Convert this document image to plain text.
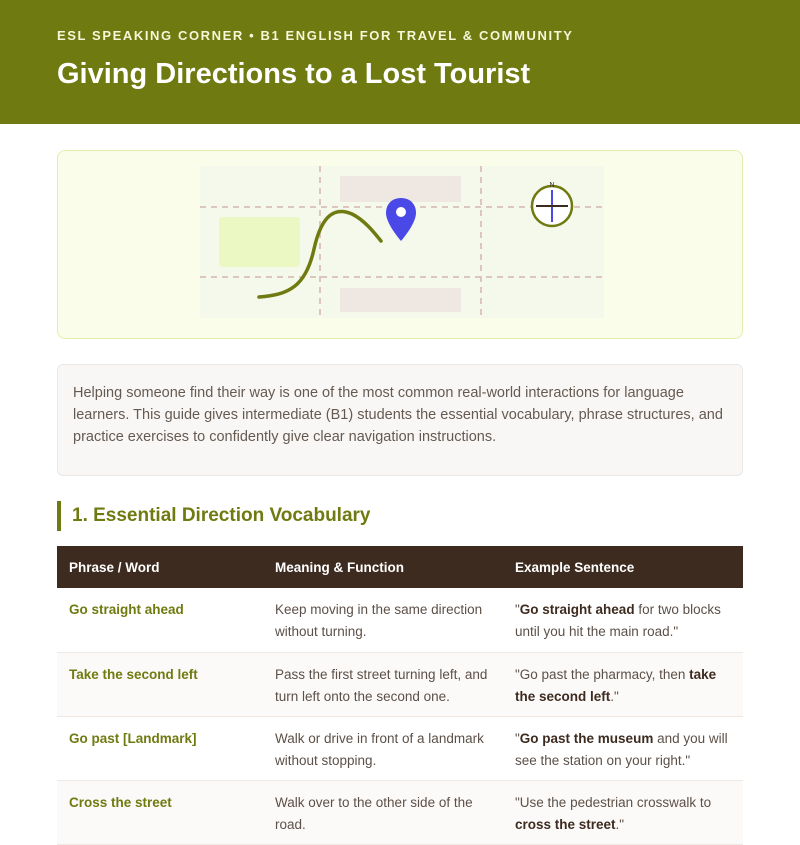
ESL SPEAKING CORNER • B1 ENGLISH FOR TRAVEL & COMMUNITY
Giving Directions to a Lost Tourist
N

Helping someone find their way is one of the most common real-world interactions for language learners. This guide gives intermediate (B1) students the essential vocabulary, phrase structures, and practice exercises to confidently give clear navigation instructions.

1. Essential Direction Vocabulary
Phrase / Word	Meaning & Function	Example Sentence
Go straight ahead	Keep moving in the same direction without turning.	"Go straight ahead for two blocks until you hit the main road."
Take the second left	Pass the first street turning left, and turn left onto the second one.	"Go past the pharmacy, then take the second left."
Go past [Landmark]	Walk or drive in front of a landmark without stopping.	"Go past the museum and you will see the station on your right."
Cross the street	Walk over to the other side of the road.	"Use the pedestrian crosswalk to cross the street."
